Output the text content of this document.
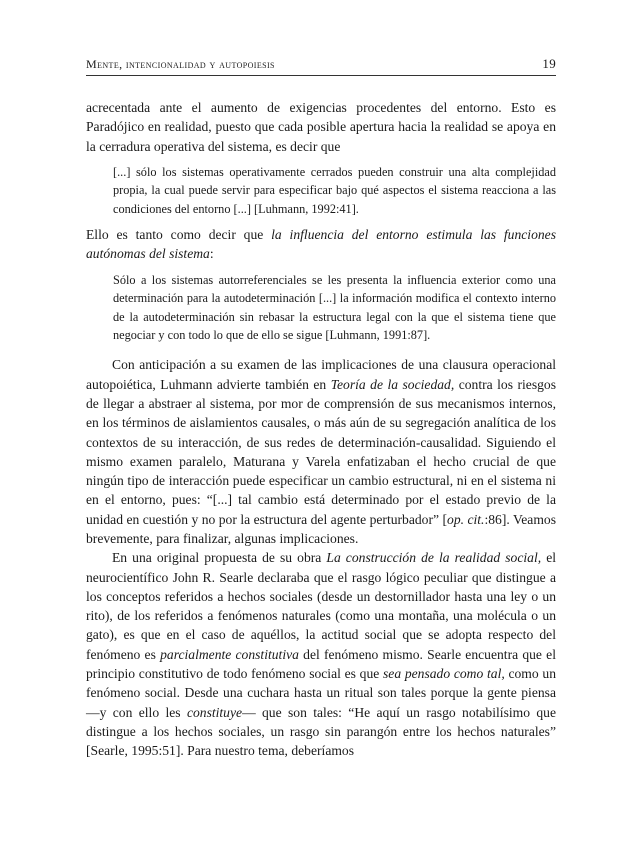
Mente, intencionalidad y autopoiesis	19

acrecentada ante el aumento de exigencias procedentes del entorno. Esto es Paradójico en realidad, puesto que cada posible apertura hacia la realidad se apoya en la cerradura operativa del sistema, es decir que

[...] sólo los sistemas operativamente cerrados pueden construir una alta complejidad propia, la cual puede servir para especificar bajo qué aspectos el sistema reacciona a las condiciones del entorno [...] [Luhmann, 1992:41].

Ello es tanto como decir que la influencia del entorno estimula las funciones autónomas del sistema:

Sólo a los sistemas autorreferenciales se les presenta la influencia exterior como una determinación para la autodeterminación [...] la información modifica el contexto interno de la autodeterminación sin rebasar la estructura legal con la que el sistema tiene que negociar y con todo lo que de ello se sigue [Luhmann, 1991:87].

Con anticipación a su examen de las implicaciones de una clausura operacional autopoiética, Luhmann advierte también en Teoría de la sociedad, contra los riesgos de llegar a abstraer al sistema, por mor de comprensión de sus mecanismos internos, en los términos de aislamientos causales, o más aún de su segregación analítica de los contextos de su interacción, de sus redes de determinación-causalidad. Siguiendo el mismo examen paralelo, Maturana y Varela enfatizaban el hecho crucial de que ningún tipo de interacción puede especificar un cambio estructural, ni en el sistema ni en el entorno, pues: “[...] tal cambio está determinado por el estado previo de la unidad en cuestión y no por la estructura del agente perturbador” [op. cit.:86]. Veamos brevemente, para finalizar, algunas implicaciones.

En una original propuesta de su obra La construcción de la realidad social, el neurocientífico John R. Searle declaraba que el rasgo lógico peculiar que distingue a los conceptos referidos a hechos sociales (desde un destornillador hasta una ley o un rito), de los referidos a fenómenos naturales (como una montaña, una molécula o un gato), es que en el caso de aquéllos, la actitud social que se adopta respecto del fenómeno es parcialmente constitutiva del fenómeno mismo. Searle encuentra que el principio constitutivo de todo fenómeno social es que sea pensado como tal, como un fenómeno social. Desde una cuchara hasta un ritual son tales porque la gente piensa —y con ello les constituye— que son tales: “He aquí un rasgo notabilísimo que distingue a los hechos sociales, un rasgo sin parangón entre los hechos naturales” [Searle, 1995:51]. Para nuestro tema, deberíamos
